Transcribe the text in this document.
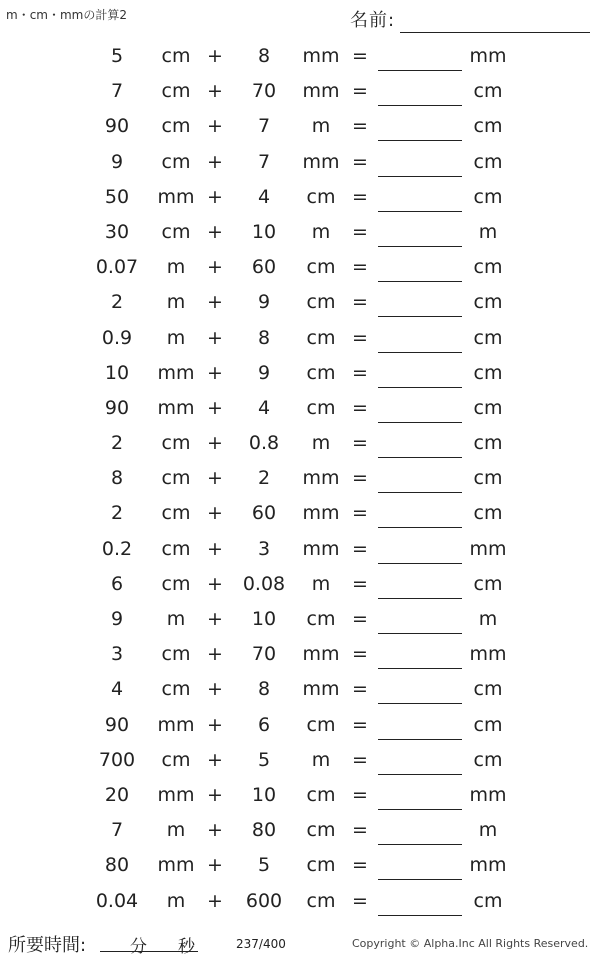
m・cm・mmの計算2	名前:
5	cm +	8	mm =	mm
7	cm +	70	mm =	cm
90	cm +	7	m	=	cm
9	cm +	7	mm =	cm
50	mm +	4	cm =	cm
30	cm +	10	m	=	m
0.07	m	+	60	cm =	cm
2	m	+	9	cm =	cm
0.9	m	+	8	cm =	cm
10	mm +	9	cm =	cm
90	mm +	4	cm =	cm
2	cm +	0.8	m	=	cm
8	cm +	2	mm =	cm
2	cm +	60	mm =	cm
0.2	cm +	3	mm =	mm
6	cm +	0.08	m	=	cm
9	m	+	10	cm =	m
3	cm +	70	mm =	mm
4	cm +	8	mm =	cm
90	mm +	6	cm =	cm
700	cm +	5	m	=	cm
20	mm +	10	cm =	mm
7	m	+	80	cm =	m
80	mm +	5	cm =	mm
0.04	m	+	600	cm =	cm
所要時間:	分 秒	237/400	Copyright © Alpha.Inc All Rights Reserved.
